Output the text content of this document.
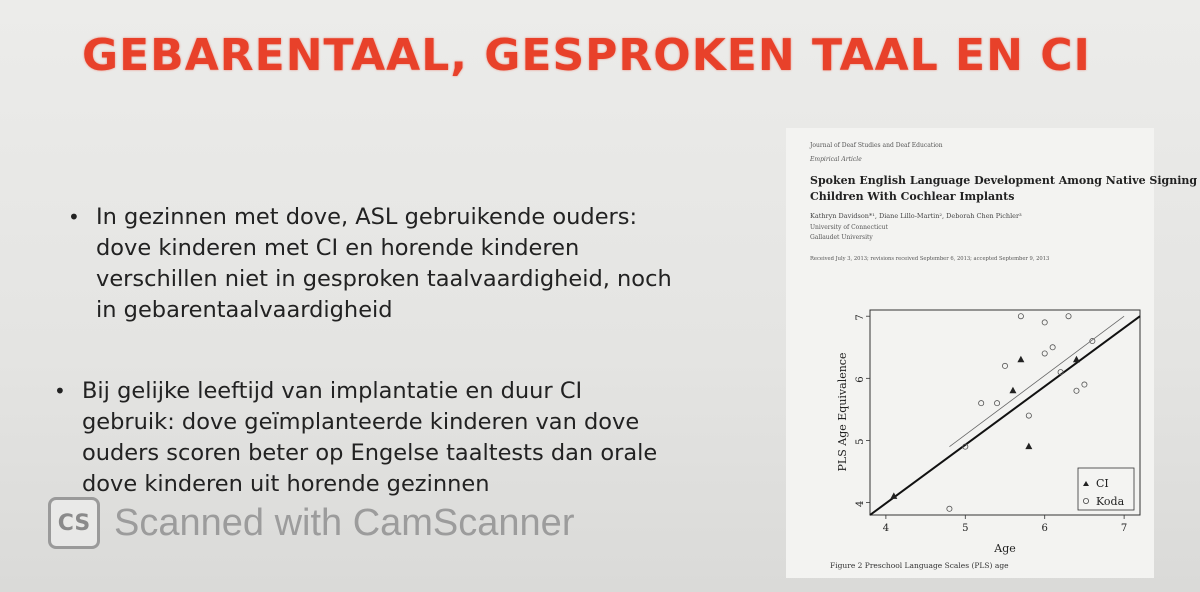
GEBARENTAAL, GESPROKEN TAAL EN CI
• In gezinnen met dove, ASL gebruikende ouders:
dove kinderen met CI en horende kinderen
verschillen niet in gesproken taalvaardigheid, noch
in gebarentaalvaardigheid
• Bij gelijke leeftijd van implantatie en duur CI
gebruik: dove geïmplanteerde kinderen van dove
ouders scoren beter op Engelse taaltests dan orale
dove kinderen uit horende gezinnen
Journal of Deaf Studies and Deaf Education
Empirical Article
Spoken English Language Development Among Native Signing
Children With Cochlear Implants
Kathryn Davidson*¹, Diane Lillo-Martin², Deborah Chen Pichler³
University of Connecticut
Gallaudet University
Received July 3, 2013; revisions received September 6, 2013; accepted September 9, 2013
4	5	6	7
4
5
6
7
PLS Age Equivalence
Age
CI
Koda
Figure 2 Preschool Language Scales (PLS) age
CS Scanned with CamScanner
